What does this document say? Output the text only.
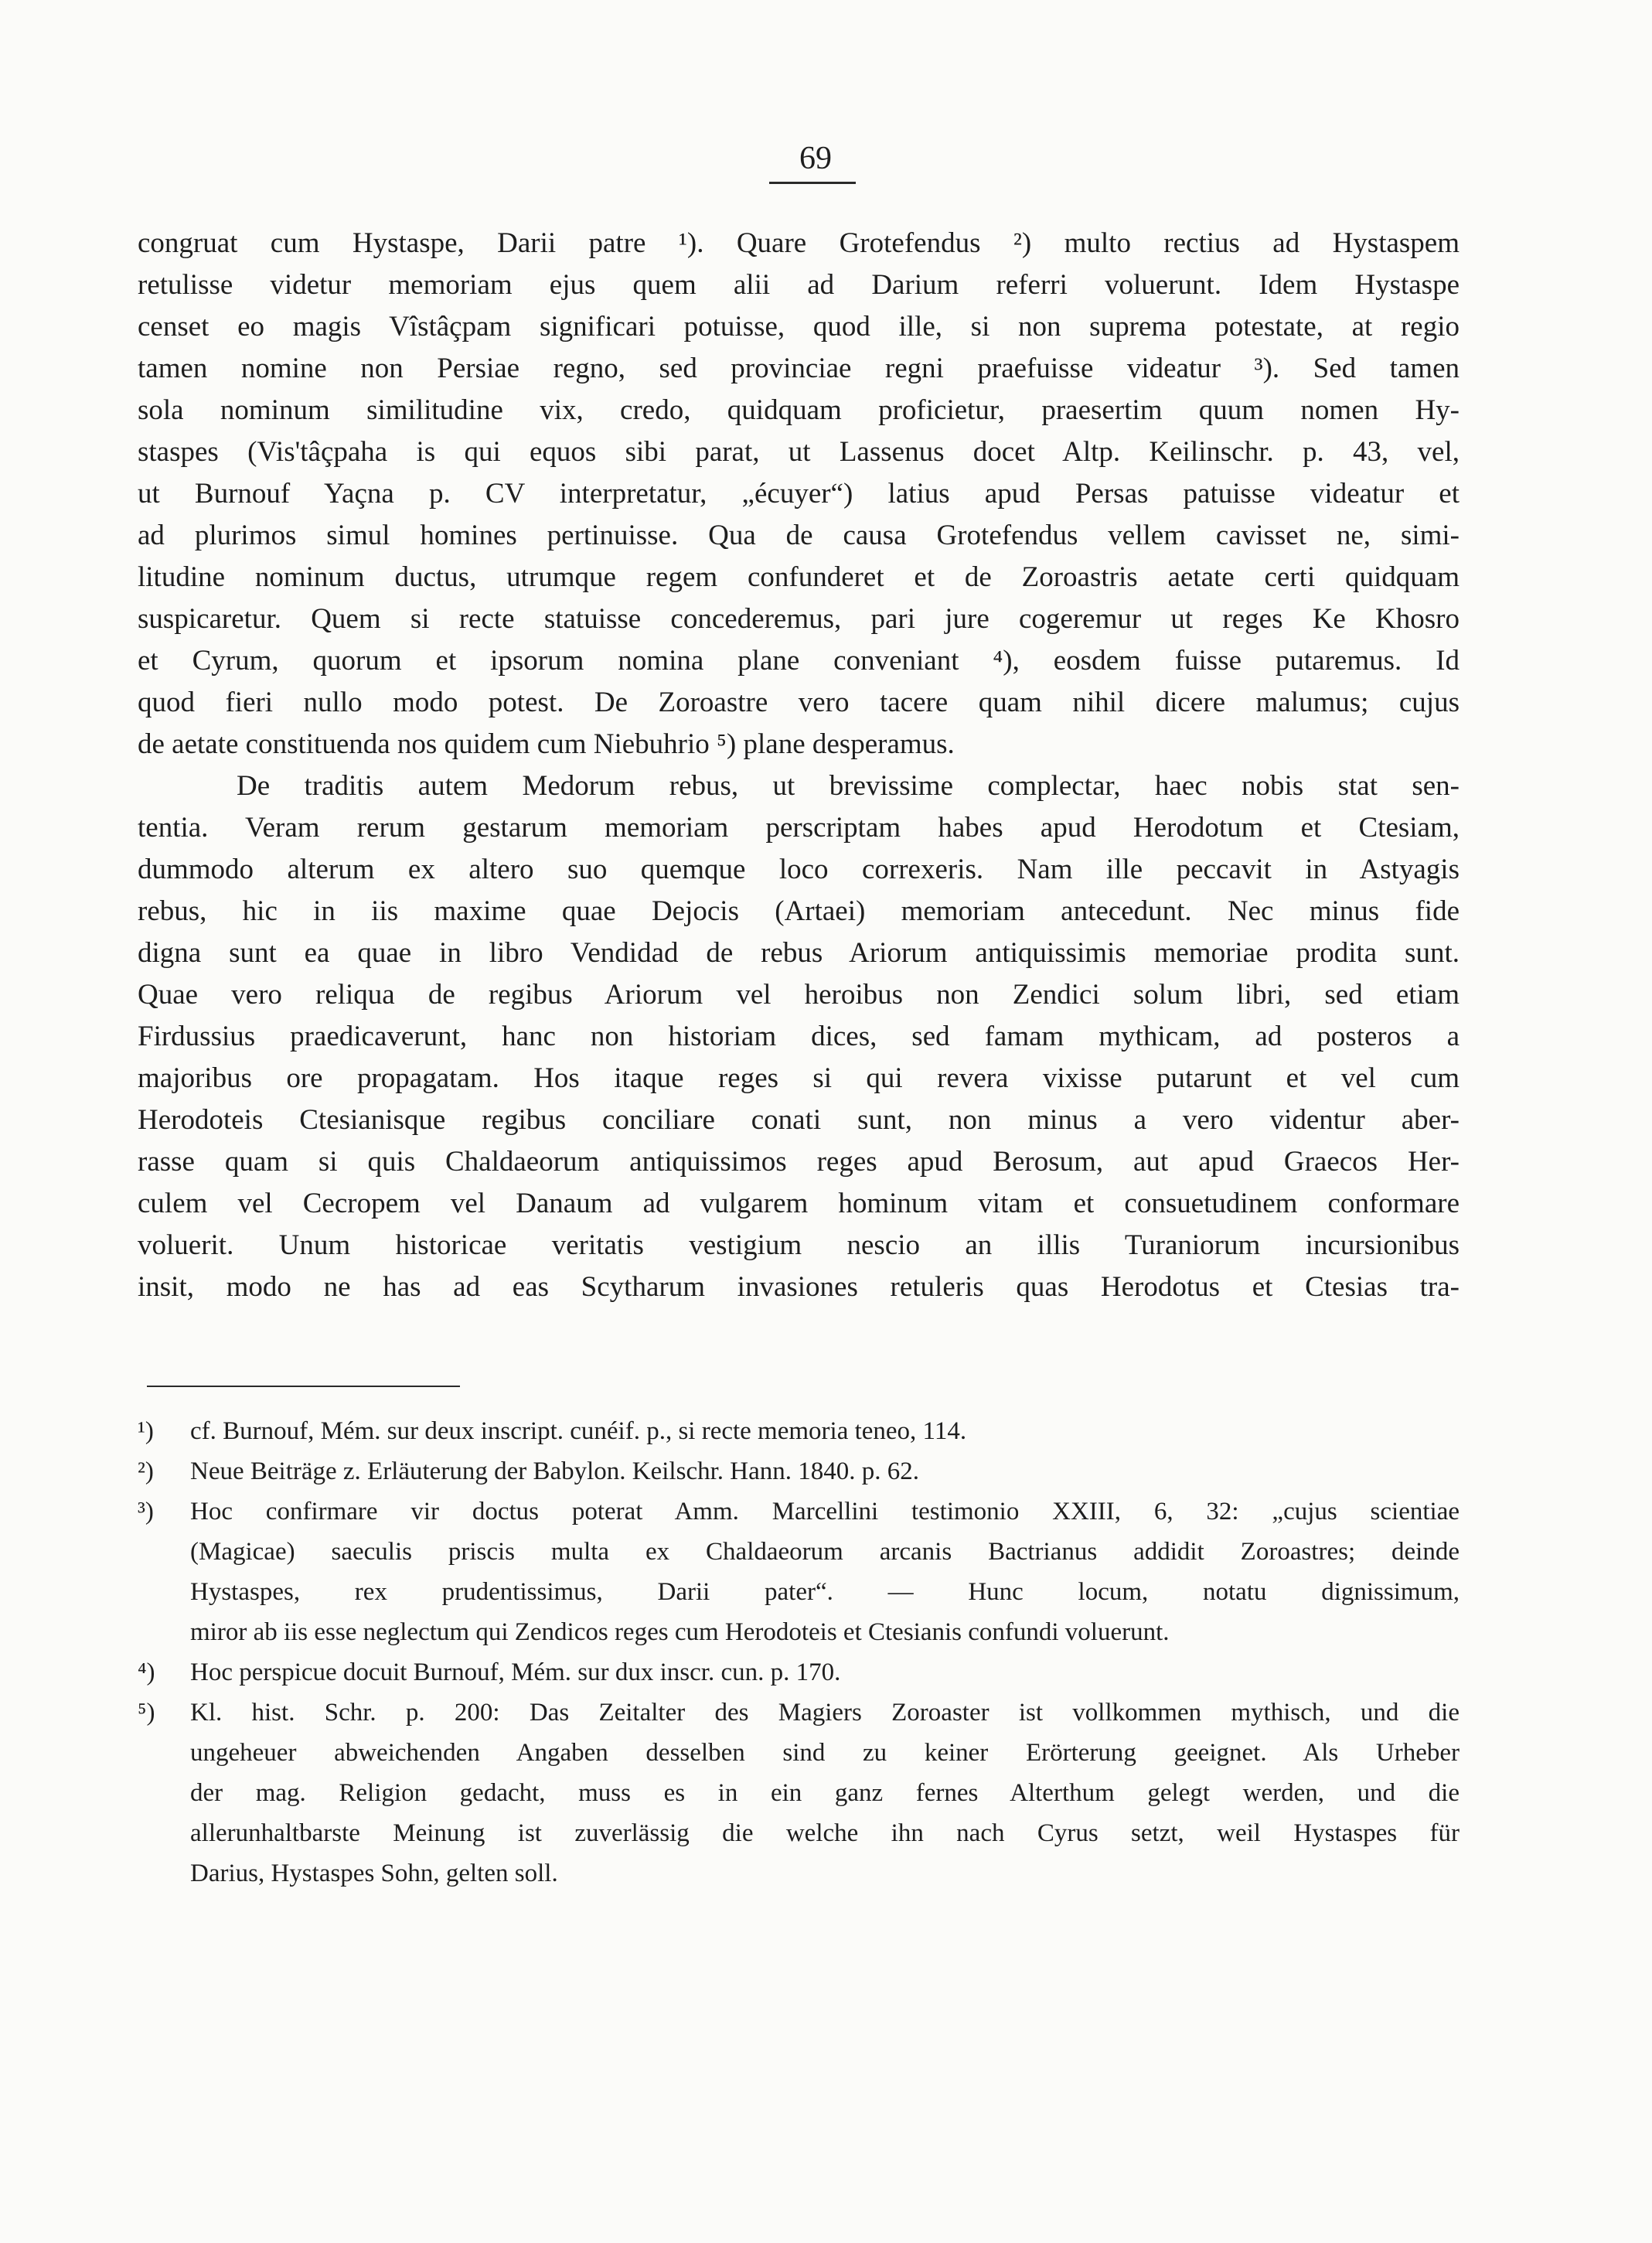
69
congruat cum Hystaspe, Darii patre ¹). Quare Grotefendus ²) multo rectius ad Hystaspem
retulisse videtur memoriam ejus quem alii ad Darium referri voluerunt. Idem Hystaspe
censet eo magis Vîstâçpam significari potuisse, quod ille, si non suprema potestate, at regio
tamen nomine non Persiae regno, sed provinciae regni praefuisse videatur ³). Sed tamen
sola nominum similitudine vix, credo, quidquam proficietur, praesertim quum nomen Hy-
staspes (Vis'tâçpaha is qui equos sibi parat, ut Lassenus docet Altp. Keilinschr. p. 43, vel,
ut Burnouf Yaçna p. CV interpretatur, „écuyer“) latius apud Persas patuisse videatur et
ad plurimos simul homines pertinuisse. Qua de causa Grotefendus vellem cavisset ne, simi-
litudine nominum ductus, utrumque regem confunderet et de Zoroastris aetate certi quidquam
suspicaretur. Quem si recte statuisse concederemus, pari jure cogeremur ut reges Ke Khosro
et Cyrum, quorum et ipsorum nomina plane conveniant ⁴), eosdem fuisse putaremus. Id
quod fieri nullo modo potest. De Zoroastre vero tacere quam nihil dicere malumus; cujus
de aetate constituenda nos quidem cum Niebuhrio ⁵) plane desperamus.
De traditis autem Medorum rebus, ut brevissime complectar, haec nobis stat sen-
tentia. Veram rerum gestarum memoriam perscriptam habes apud Herodotum et Ctesiam,
dummodo alterum ex altero suo quemque loco correxeris. Nam ille peccavit in Astyagis
rebus, hic in iis maxime quae Dejocis (Artaei) memoriam antecedunt. Nec minus fide
digna sunt ea quae in libro Vendidad de rebus Ariorum antiquissimis memoriae prodita sunt.
Quae vero reliqua de regibus Ariorum vel heroibus non Zendici solum libri, sed etiam
Firdussius praedicaverunt, hanc non historiam dices, sed famam mythicam, ad posteros a
majoribus ore propagatam. Hos itaque reges si qui revera vixisse putarunt et vel cum
Herodoteis Ctesianisque regibus conciliare conati sunt, non minus a vero videntur aber-
rasse quam si quis Chaldaeorum antiquissimos reges apud Berosum, aut apud Graecos Her-
culem vel Cecropem vel Danaum ad vulgarem hominum vitam et consuetudinem conformare
voluerit. Unum historicae veritatis vestigium nescio an illis Turaniorum incursionibus
insit, modo ne has ad eas Scytharum invasiones retuleris quas Herodotus et Ctesias tra-
¹) cf. Burnouf, Mém. sur deux inscript. cunéif. p., si recte memoria teneo, 114.
²) Neue Beiträge z. Erläuterung der Babylon. Keilschr. Hann. 1840. p. 62.
³) Hoc confirmare vir doctus poterat Amm. Marcellini testimonio XXIII, 6, 32: „cujus scientiae
(Magicae) saeculis priscis multa ex Chaldaeorum arcanis Bactrianus addidit Zoroastres; deinde
Hystaspes, rex prudentissimus, Darii pater“. — Hunc locum, notatu dignissimum,
miror ab iis esse neglectum qui Zendicos reges cum Herodoteis et Ctesianis confundi voluerunt.
⁴) Hoc perspicue docuit Burnouf, Mém. sur dux inscr. cun. p. 170.
⁵) Kl. hist. Schr. p. 200: Das Zeitalter des Magiers Zoroaster ist vollkommen mythisch, und die
ungeheuer abweichenden Angaben desselben sind zu keiner Erörterung geeignet. Als Urheber
der mag. Religion gedacht, muss es in ein ganz fernes Alterthum gelegt werden, und die
allerunhaltbarste Meinung ist zuverlässig die welche ihn nach Cyrus setzt, weil Hystaspes für
Darius, Hystaspes Sohn, gelten soll.
